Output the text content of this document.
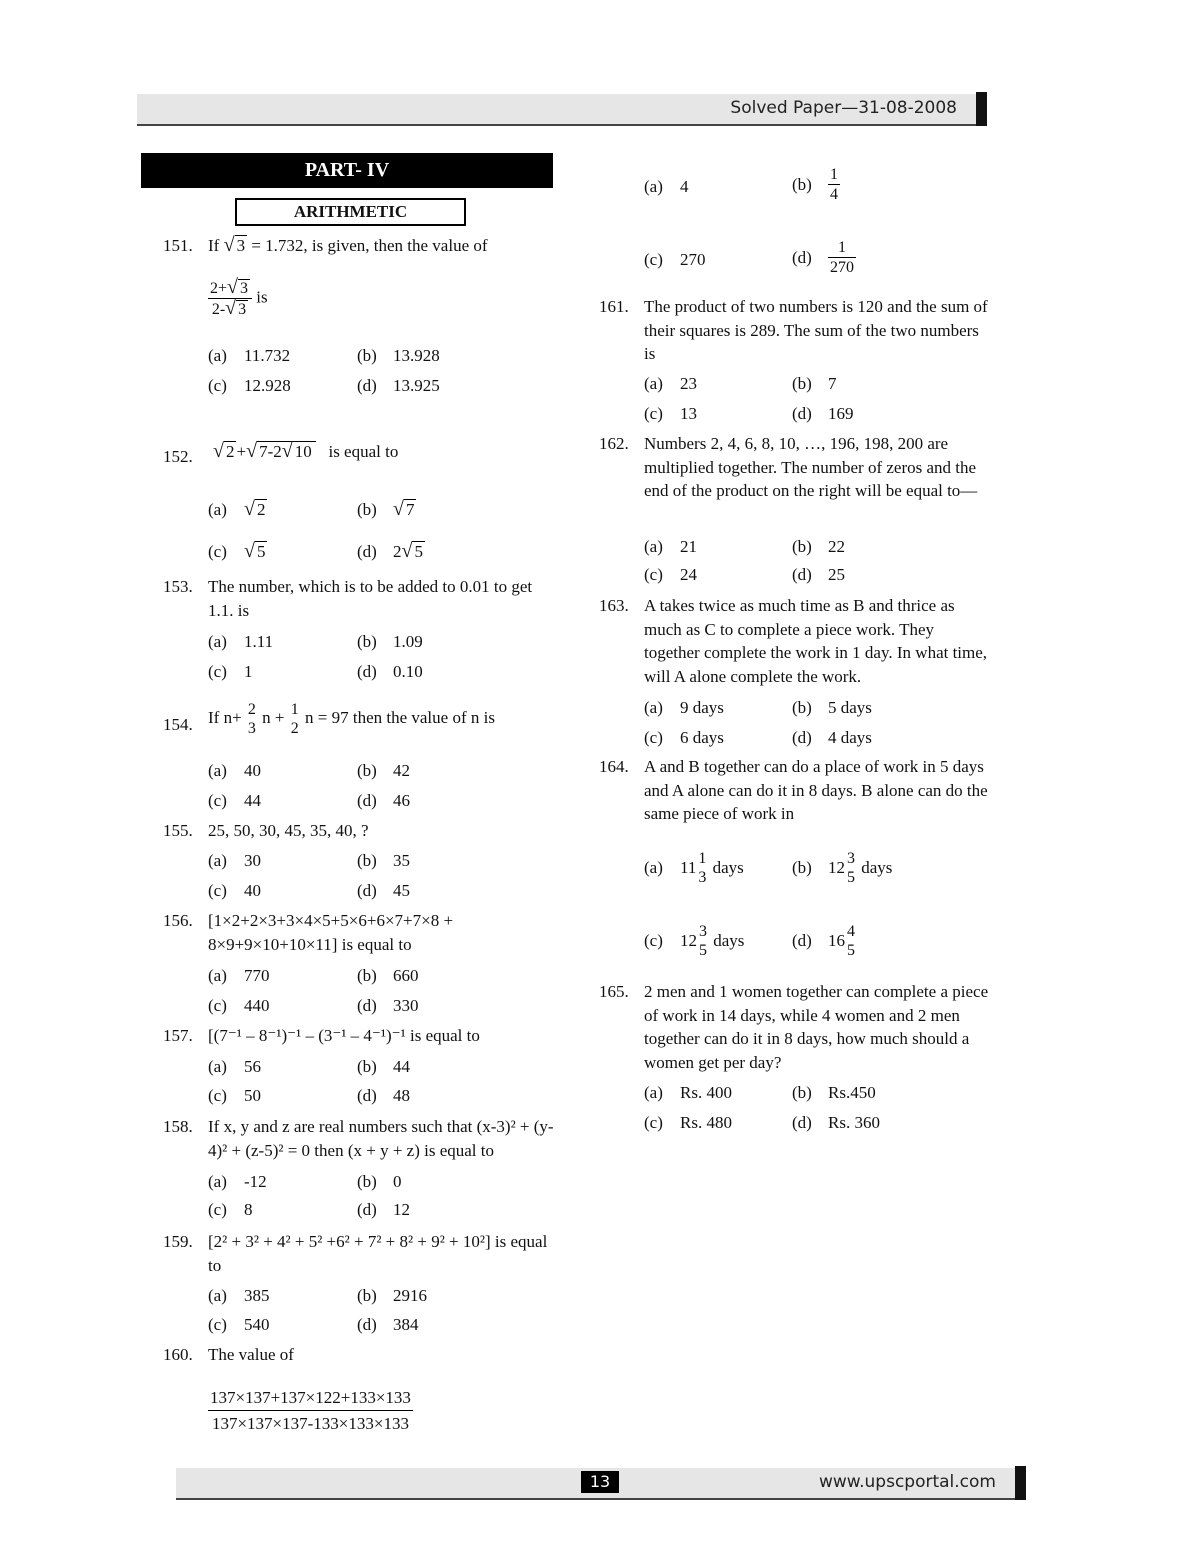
Solved Paper—31-08-2008
PART- IV
ARITHMETIC
151. If √ 3 = 1.732, is given, then the value of
$\frac{2+√ 3}{2-√ 3}$ is
(a) 11.732	(b) 13.928
(c) 12.928	(d) 13.925
152. √ 2 +√ 7-2√ 10 is equal to
(a) √ 2	(b) √ 7
(c) √ 5	(d) 2√ 5
153. The number, which is to be added to 0.01 to get 1.1. is
(a) 1.11	(b) 1.09
(c) 1	(d) 0.10
154. If n+ 2
3
n + 1
2
n = 97 then the value of n is
(a) 40	(b) 42
(c) 44	(d) 46
155. 25, 50, 30, 45, 35, 40, ?
(a) 30	(b) 35
(c) 40	(d) 45
156. [1×2+2×3+3×4×5+5×6+6×7+7×8 + 8×9+9×10+10×11] is equal to
(a) 770	(b) 660
(c) 440	(d) 330
157. [(7⁻¹ – 8⁻¹)⁻¹ – (3⁻¹ – 4⁻¹)⁻¹ is equal to
(a) 56	(b) 44
(c) 50	(d) 48
158. If x, y and z are real numbers such that (x-3)² + (y-4)² + (z-5)² = 0 then (x + y + z) is equal to
(a) -12	(b) 0
(c) 8	(d) 12
159. [2² + 3² + 4² + 5² +6² + 7² + 8² + 9² + 10²] is equal to
(a) 385	(b) 2916
(c) 540	(d) 384
160. The value of
$\frac{137\times 137+137\times 122+133\times 133}{137\times 137\times 137-133\times 133\times 133}$
(a) 4	$(b) \frac{1}{4}$
(c) 270	$(d) \frac{1}{270}$
161. The product of two numbers is 120 and the sum of their squares is 289. The sum of the two numbers is
(a) 23	(b) 7
(c) 13	(d) 169
162. Numbers 2, 4, 6, 8, 10, …, 196, 198, 200 are multiplied together. The number of zeros and the end of the product on the right will be equal to—
(a) 21	(b) 22
(c) 24	(d) 25
163. A takes twice as much time as B and thrice as much as C to complete a piece work. They together complete the work in 1 day. In what time, will A alone complete the work.
(a) 9 days	(b) 5 days
(c) 6 days	(d) 4 days
164. A and B together can do a place of work in 5 days and A alone can do it in 8 days. B alone can do the same piece of work in
(a) 11 1
3
days	(b) 12 3
5
days
(c) 12 3
5
days	(d) 16 4
5
165. 2 men and 1 women together can complete a piece of work in 14 days, while 4 women and 2 men together can do it in 8 days, how much should a women get per day?
(a) Rs. 400	(b) Rs.450
(c) Rs. 480	(d) Rs. 360
13	www.upscportal.com
